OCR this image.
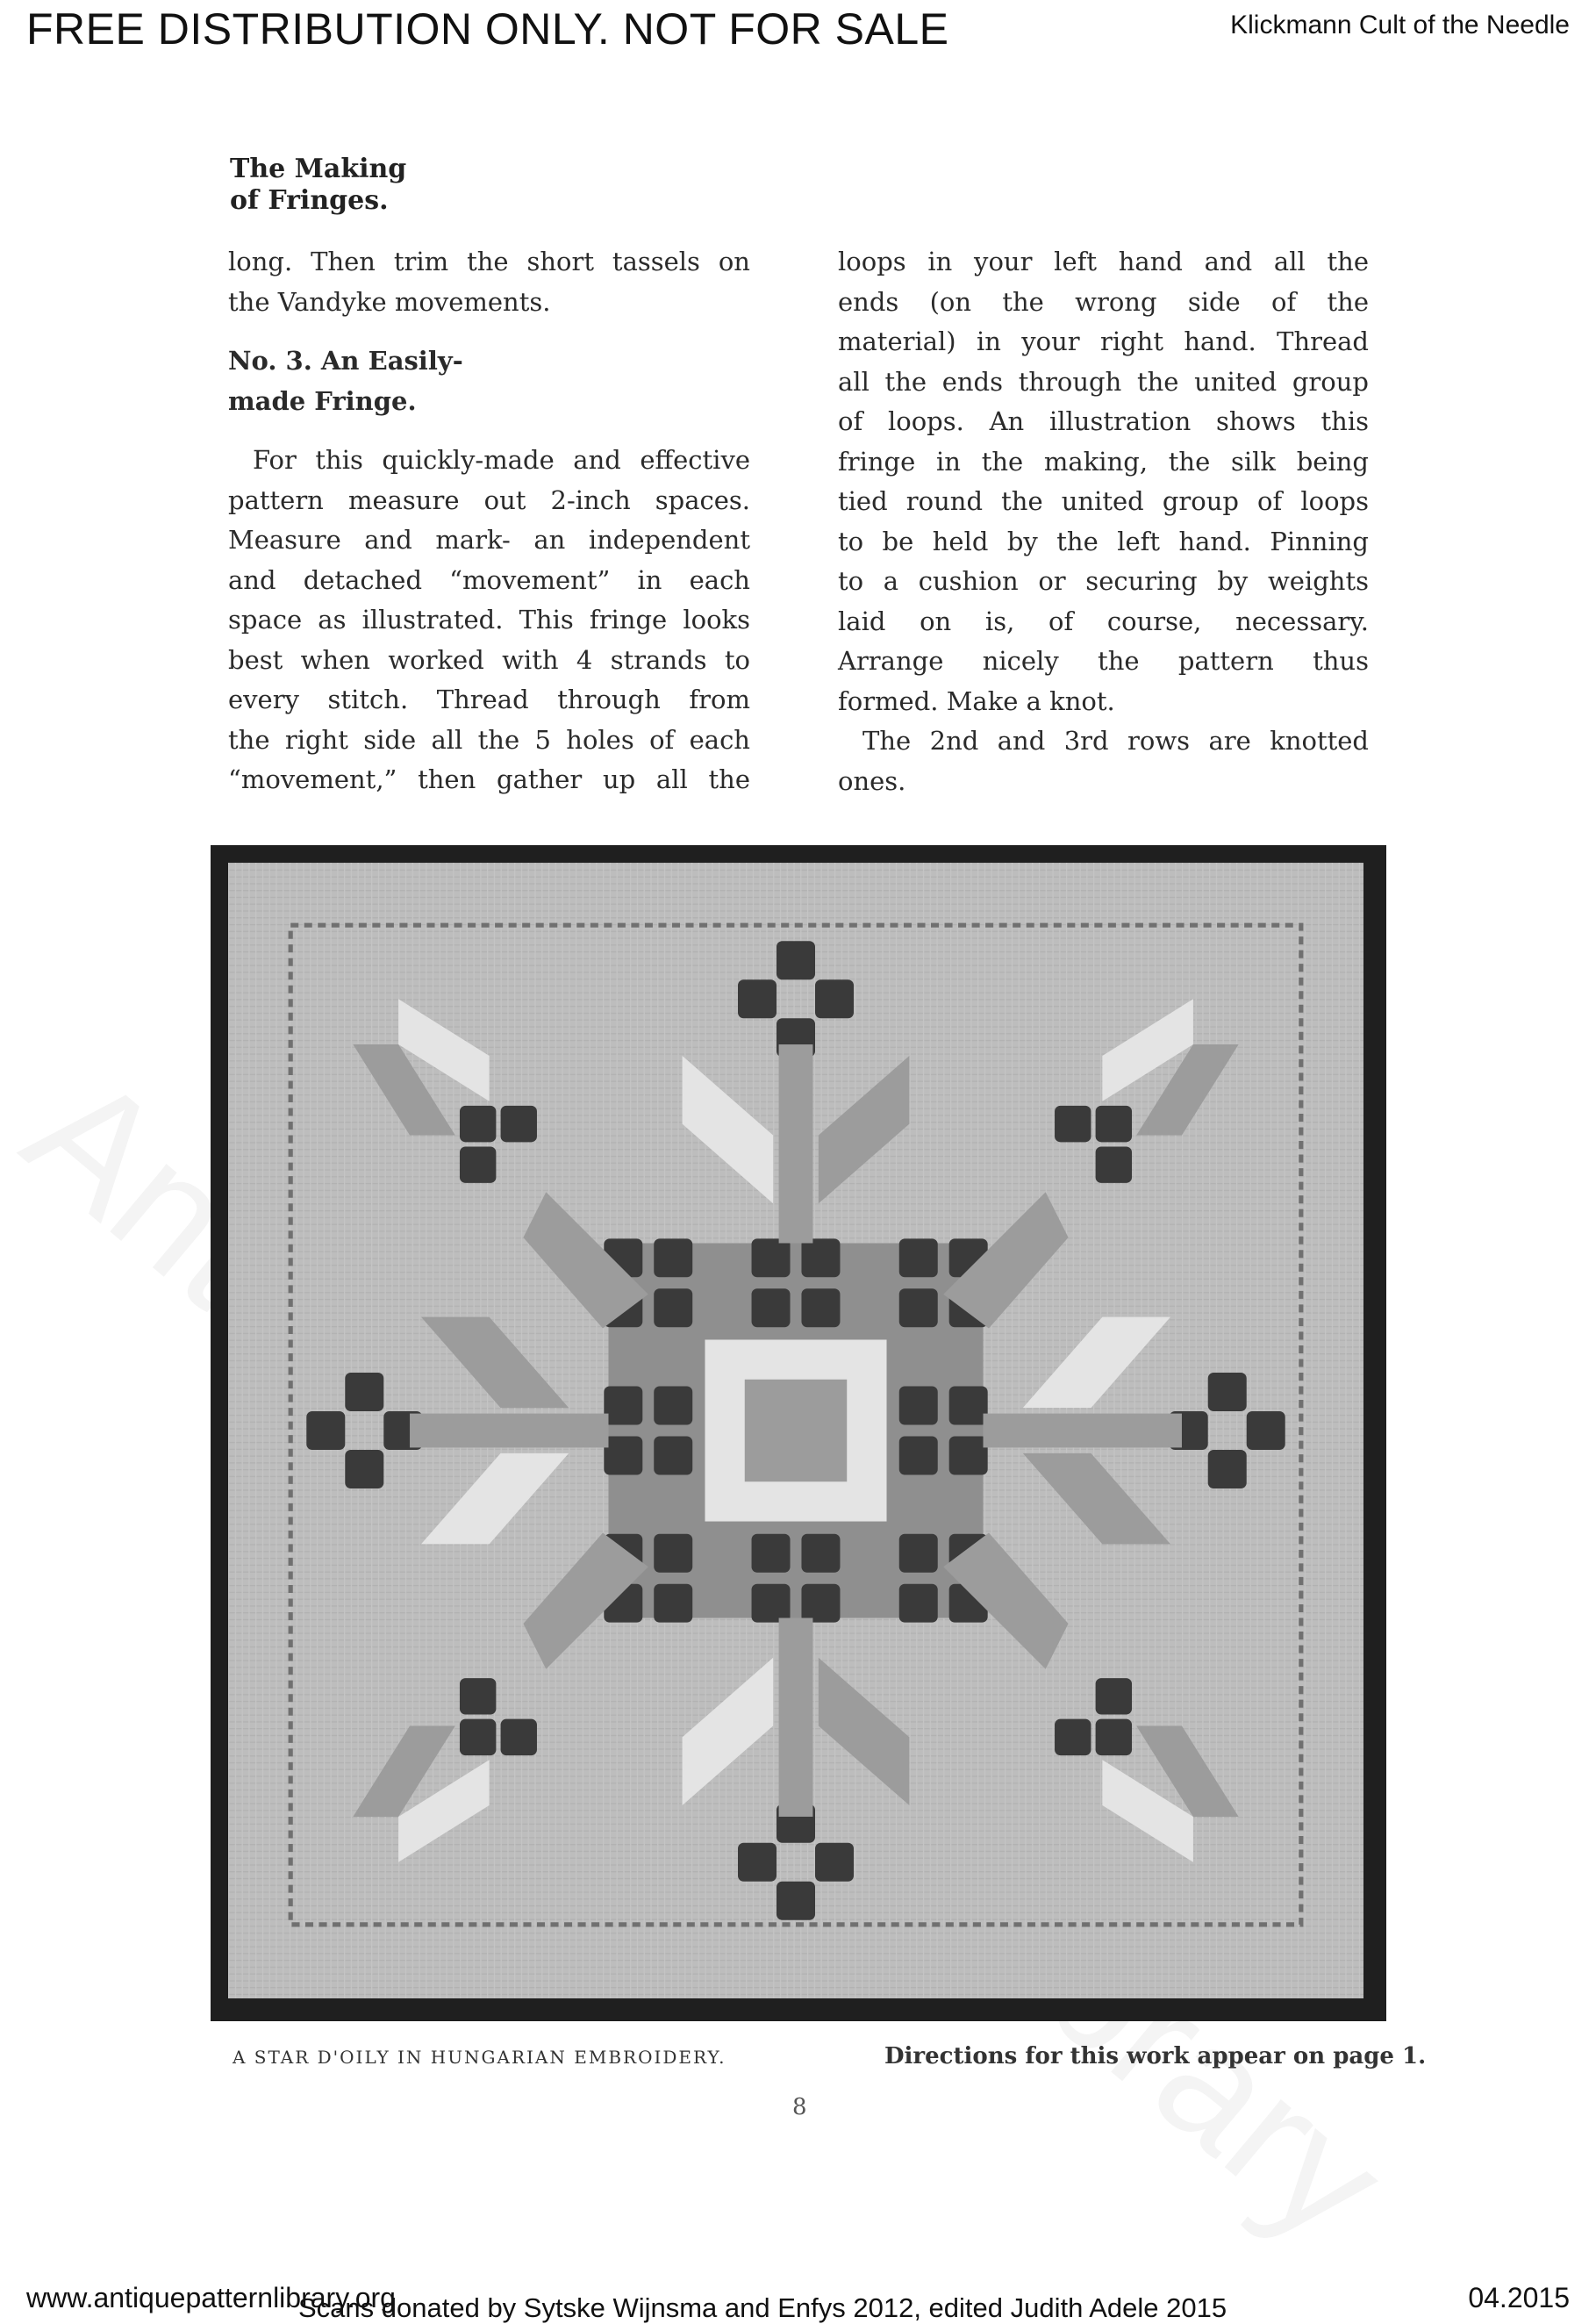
FREE DISTRIBUTION ONLY. NOT FOR SALE	Klickmann Cult of the Needle
The Making
of Fringes.
long. Then trim the short tassels on
the Vandyke movements.
No. 3. An Easily-
made Fringe.
For this quickly-made and effective
pattern measure out 2-inch spaces.
Measure and mark- an independent
and detached “movement” in each
space as illustrated. This fringe looks
best when worked with 4 strands to
every stitch. Thread through from
the right side all the 5 holes of each
“movement,” then gather up all the
loops in your left hand and all the
ends (on the wrong side of the
material) in your right hand. Thread
all the ends through the united group
of loops. An illustration shows this
fringe in the making, the silk being
tied round the united group of loops
to be held by the left hand. Pinning
to a cushion or securing by weights
laid on is, of course, necessary.
Arrange nicely the pattern thus
formed. Make a knot.
The 2nd and 3rd rows are knotted
ones.
A STAR D'OILY IN HUNGARIAN EMBROIDERY.	Directions for this work appear on page 1.
8
www.antiquepatternlibrary.org	04.2015
Scans donated by Sytske Wijnsma and Enfys 2012, edited Judith Adele 2015
